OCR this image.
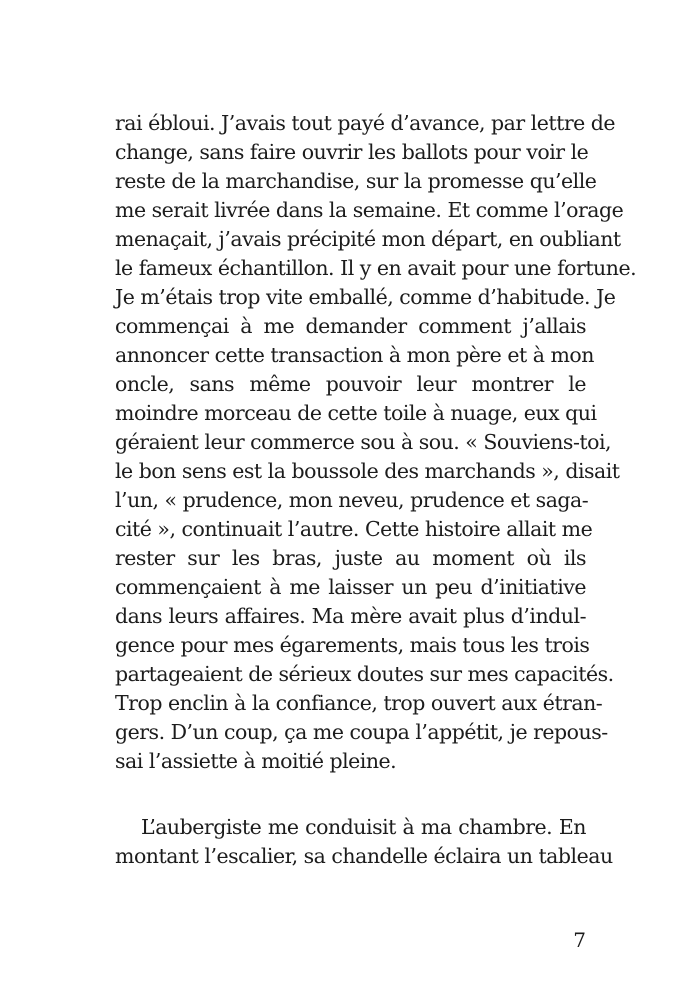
rai ébloui. J’avais tout payé d’avance, par lettre de
change, sans faire ouvrir les ballots pour voir le
reste de la marchandise, sur la promesse qu’elle
me serait livrée dans la semaine. Et comme l’orage
menaçait, j’avais précipité mon départ, en oubliant
le fameux échantillon. Il y en avait pour une fortune.
Je m’étais trop vite emballé, comme d’habitude. Je
commençai à me demander comment j’allais
annoncer cette transaction à mon père et à mon
oncle, sans même pouvoir leur montrer le
moindre morceau de cette toile à nuage, eux qui
géraient leur commerce sou à sou. « Souviens-toi,
le bon sens est la boussole des marchands », disait
l’un, « prudence, mon neveu, prudence et saga-
cité », continuait l’autre. Cette histoire allait me
rester sur les bras, juste au moment où ils
commençaient à me laisser un peu d’initiative
dans leurs affaires. Ma mère avait plus d’indul-
gence pour mes égarements, mais tous les trois
partageaient de sérieux doutes sur mes capacités.
Trop enclin à la confiance, trop ouvert aux étran-
gers. D’un coup, ça me coupa l’appétit, je repous-
sai l’assiette à moitié pleine.
L’aubergiste me conduisit à ma chambre. En
montant l’escalier, sa chandelle éclaira un tableau
7
